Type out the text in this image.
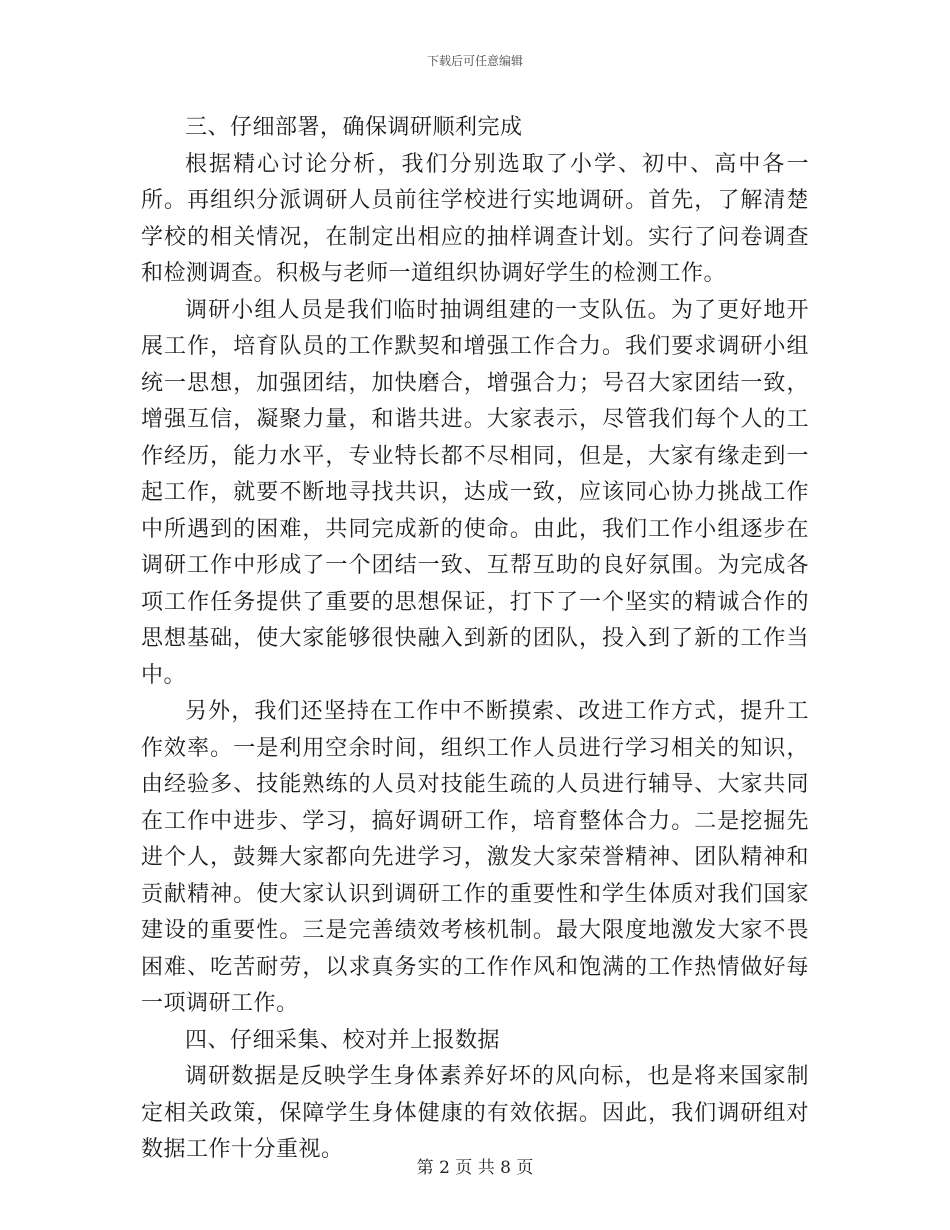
下载后可任意编辑

三、仔细部署，确保调研顺利完成

根据精心讨论分析，我们分别选取了小学、初中、高中各一所。再组织分派调研人员前往学校进行实地调研。首先，了解清楚学校的相关情况，在制定出相应的抽样调查计划。实行了问卷调查和检测调查。积极与老师一道组织协调好学生的检测工作。

调研小组人员是我们临时抽调组建的一支队伍。为了更好地开展工作，培育队员的工作默契和增强工作合力。我们要求调研小组统一思想，加强团结，加快磨合，增强合力；号召大家团结一致，增强互信，凝聚力量，和谐共进。大家表示，尽管我们每个人的工作经历，能力水平，专业特长都不尽相同，但是，大家有缘走到一起工作，就要不断地寻找共识，达成一致，应该同心协力挑战工作中所遇到的困难，共同完成新的使命。由此，我们工作小组逐步在调研工作中形成了一个团结一致、互帮互助的良好氛围。为完成各项工作任务提供了重要的思想保证，打下了一个坚实的精诚合作的思想基础，使大家能够很快融入到新的团队，投入到了新的工作当中。

另外，我们还坚持在工作中不断摸索、改进工作方式，提升工作效率。一是利用空余时间，组织工作人员进行学习相关的知识，由经验多、技能熟练的人员对技能生疏的人员进行辅导、大家共同在工作中进步、学习，搞好调研工作，培育整体合力。二是挖掘先进个人，鼓舞大家都向先进学习，激发大家荣誉精神、团队精神和贡献精神。使大家认识到调研工作的重要性和学生体质对我们国家建设的重要性。三是完善绩效考核机制。最大限度地激发大家不畏困难、吃苦耐劳，以求真务实的工作作风和饱满的工作热情做好每一项调研工作。

四、仔细采集、校对并上报数据

调研数据是反映学生身体素养好坏的风向标，也是将来国家制定相关政策，保障学生身体健康的有效依据。因此，我们调研组对数据工作十分重视。

第 2 页 共 8 页
